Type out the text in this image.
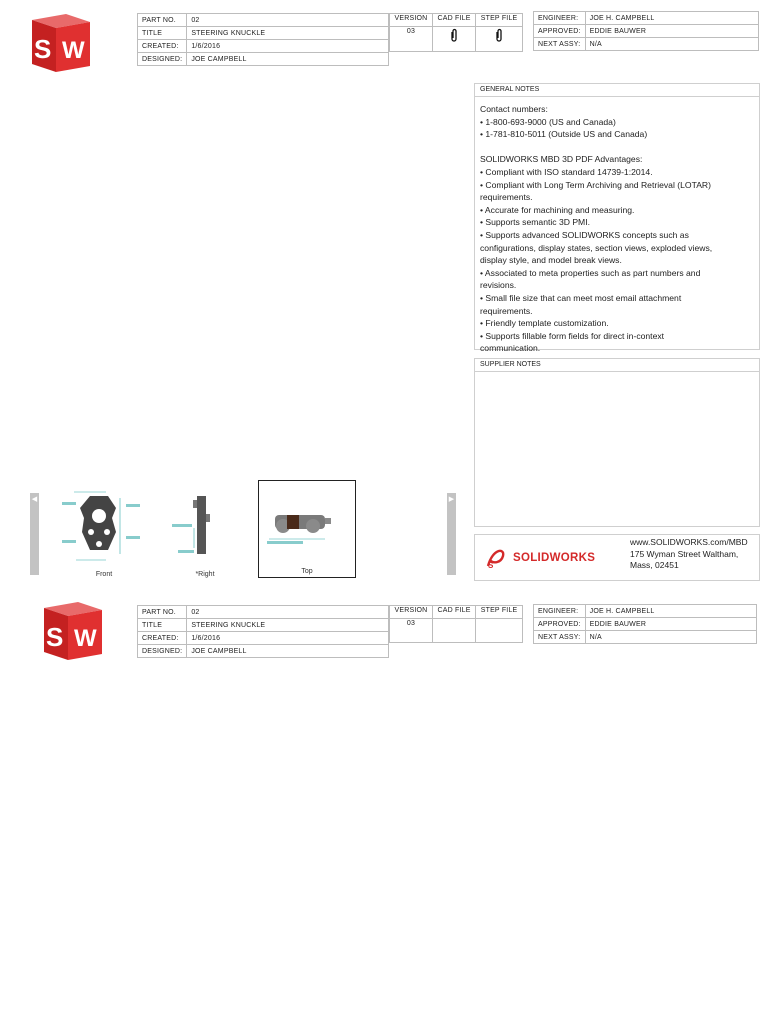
S W
PART NO.	02
TITLE	STEERING KNUCKLE
CREATED:	1/6/2016
DESIGNED:	JOE CAMPBELL
VERSION	CAD FILE	STEP FILE
03		
ENGINEER:	JOE H. CAMPBELL
APPROVED:	EDDIE BAUWER
NEXT ASSY:	N/A
GENERAL NOTES
Contact numbers:
• 1-800-693-9000 (US and Canada)
• 1-781-810-5011 (Outside US and Canada)
SOLIDWORKS MBD 3D PDF Advantages:
• Compliant with ISO standard 14739-1:2014.
• Compliant with Long Term Archiving and Retrieval (LOTAR)
requirements.
• Accurate for machining and measuring.
• Supports semantic 3D PMI.
• Supports advanced SOLIDWORKS concepts such as
configurations, display states, section views, exploded views,
display style, and model break views.
• Associated to meta properties such as part numbers and
revisions.
• Small file size that can meet most email attachment
requirements.
• Friendly template customization.
• Supports fillable form fields for direct in-context
communication.
SUPPLIER NOTES
◀	▶
Front	*Right	Top
S
SOLIDWORKS
www.SOLIDWORKS.com/MBD
175 Wyman Street Waltham,
Mass, 02451
S W
PART NO.	02
TITLE	STEERING KNUCKLE
CREATED:	1/6/2016
DESIGNED:	JOE CAMPBELL
VERSION	CAD FILE	STEP FILE
03		
ENGINEER:	JOE H. CAMPBELL
APPROVED:	EDDIE BAUWER
NEXT ASSY:	N/A
